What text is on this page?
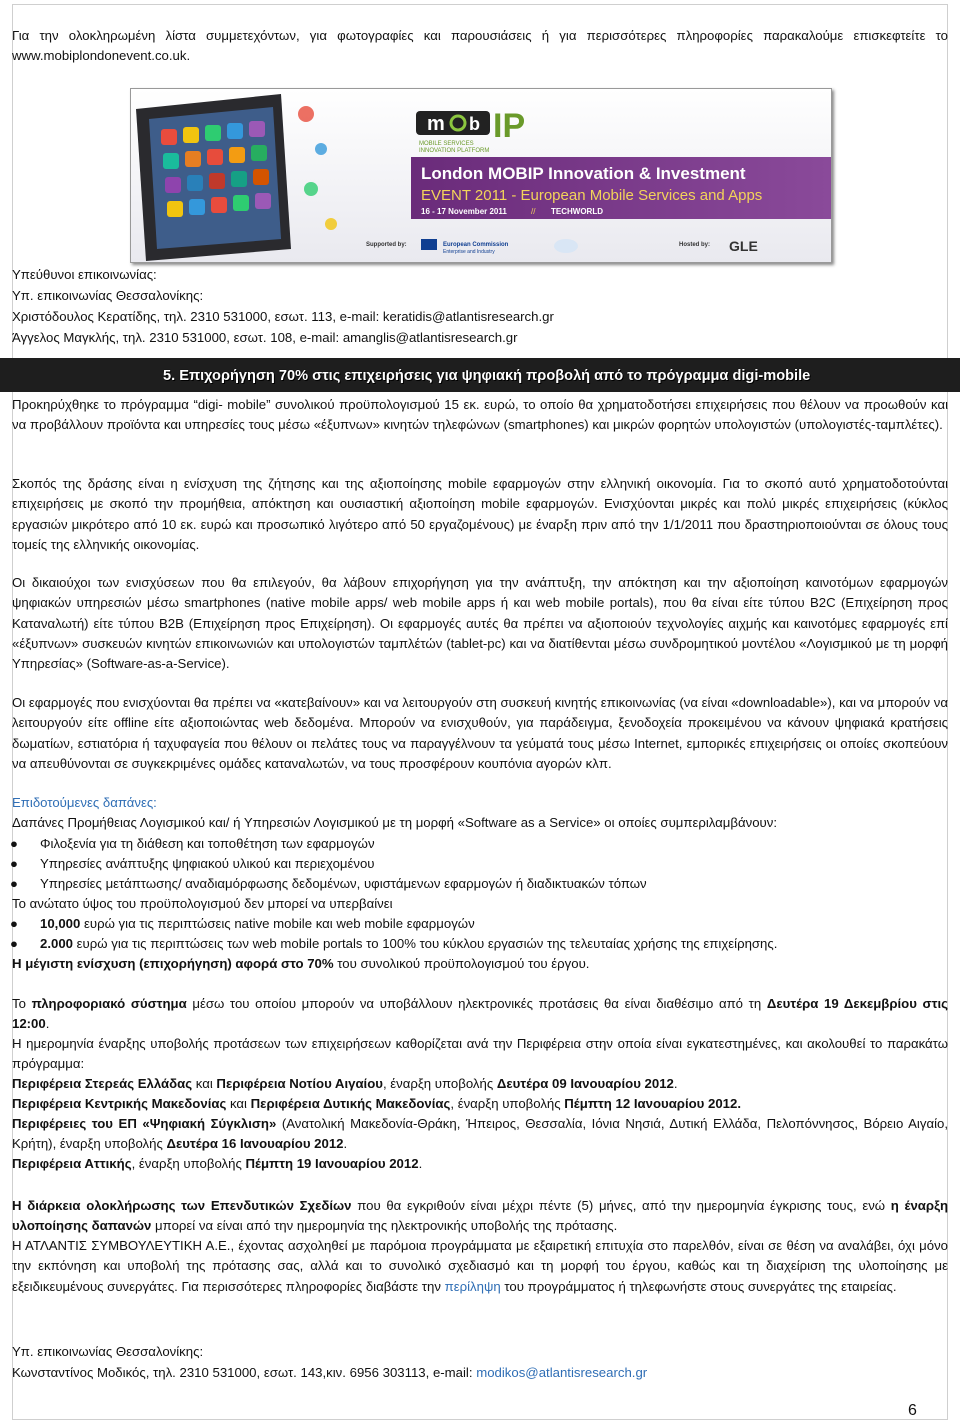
Για την ολοκληρωμένη λίστα συμμετεχόντων, για φωτογραφίες και παρουσιάσεις ή για περισσότερες πληροφορίες παρακαλούμε επισκεφτείτε το www.mobiplondonevent.co.uk.

m b IP
MOBILE SERVICES
INNOVATION PLATFORM
London MOBIP Innovation & Investment
EVENT 2011 - European Mobile Services and Apps
16 - 17 November 2011	// TECHWORLD
Supported by:	European Commission
Enterprise and Industry
Hosted by: GLE

Υπεύθυνοι επικοινωνίας:

Υπ. επικοινωνίας Θεσσαλονίκης:

Χριστόδουλος Κερατίδης, τηλ. 2310 531000, εσωτ. 113, e-mail: keratidis@atlantisresearch.gr

Άγγελος Μαγκλής, τηλ. 2310 531000, εσωτ. 108, e-mail: amanglis@atlantisresearch.gr

5. Επιχορήγηση 70% στις επιχειρήσεις για ψηφιακή προβολή από το πρόγραμμα digi-mobile

Προκηρύχθηκε το πρόγραμμα “digi- mobile” συνολικού προϋπολογισμού 15 εκ. ευρώ, το οποίο θα χρηματοδοτήσει επιχειρήσεις που θέλουν να προωθούν και να προβάλλουν προϊόντα και υπηρεσίες τους μέσω «έξυπνων» κινητών τηλεφώνων (smartphones) και μικρών φορητών υπολογιστών (υπολογιστές-ταμπλέτες).

Σκοπός της δράσης είναι η ενίσχυση της ζήτησης και της αξιοποίησης mobile εφαρμογών στην ελληνική οικονομία. Για το σκοπό αυτό χρηματοδοτούνται επιχειρήσεις με σκοπό την προμήθεια, απόκτηση και ουσιαστική αξιοποίηση mobile εφαρμογών. Ενισχύονται μικρές και πολύ μικρές επιχειρήσεις (κύκλος εργασιών μικρότερο από 10 εκ. ευρώ και προσωπικό λιγότερο από 50 εργαζομένους) με έναρξη πριν από την 1/1/2011 που δραστηριοποιούνται σε όλους τους τομείς της ελληνικής οικονομίας.

Οι δικαιούχοι των ενισχύσεων που θα επιλεγούν, θα λάβουν επιχορήγηση για την ανάπτυξη, την απόκτηση και την αξιοποίηση καινοτόμων εφαρμογών ψηφιακών υπηρεσιών μέσω smartphones (native mobile apps/ web mobile apps ή και web mobile portals), που θα είναι είτε τύπου B2C (Επιχείρηση προς Καταναλωτή) είτε τύπου B2B (Επιχείρηση προς Επιχείρηση). Οι εφαρμογές αυτές θα πρέπει να αξιοποιούν τεχνολογίες αιχμής και καινοτόμες εφαρμογές επί «έξυπνων» συσκευών κινητών επικοινωνιών και υπολογιστών ταμπλέτών (tablet-pc) και να διατίθενται μέσω συνδρομητικού μοντέλου «Λογισμικού με τη μορφή Υπηρεσίας» (Software-as-a-Service).

Οι εφαρμογές που ενισχύονται θα πρέπει να «κατεβαίνουν» και να λειτουργούν στη συσκευή κινητής επικοινωνίας (να είναι «downloadable»), και να μπορούν να λειτουργούν είτε offline είτε αξιοποιώντας web δεδομένα. Μπορούν να ενισχυθούν, για παράδειγμα, ξενοδοχεία προκειμένου να κάνουν ψηφιακά κρατήσεις δωματίων, εστιατόρια ή ταχυφαγεία που θέλουν οι πελάτες τους να παραγγέλνουν τα γεύματά τους μέσω Internet, εμπορικές επιχειρήσεις οι οποίες σκοπεύουν να απευθύνονται σε συγκεκριμένες ομάδες καταναλωτών, να τους προσφέρουν κουπόνια αγορών κλπ.

Επιδοτούμενες δαπάνες:

Δαπάνες Προμήθειας Λογισμικού και/ ή Υπηρεσιών Λογισμικού με τη μορφή «Software as a Service» οι οποίες συμπεριλαμβάνουν:

● Φιλοξενία για τη διάθεση και τοποθέτηση των εφαρμογών
● Υπηρεσίες ανάπτυξης ψηφιακού υλικού και περιεχομένου
● Υπηρεσίες μετάπτωσης/ αναδιαμόρφωσης δεδομένων, υφιστάμενων εφαρμογών ή διαδικτυακών τόπων

Το ανώτατο ύψος του προϋπολογισμού δεν μπορεί να υπερβαίνει

● 10,000 ευρώ για τις περιπτώσεις native mobile και web mobile εφαρμογών
● 2.000 ευρώ για τις περιπτώσεις των web mobile portals το 100% του κύκλου εργασιών της τελευταίας χρήσης της επιχείρησης.

Η μέγιστη ενίσχυση (επιχορήγηση) αφορά στο 70% του συνολικού προϋπολογισμού του έργου.

Το πληροφοριακό σύστημα μέσω του οποίου μπορούν να υποβάλλουν ηλεκτρονικές προτάσεις θα είναι διαθέσιμο από τη Δευτέρα 19 Δεκεμβρίου στις 12:00.

Η ημερομηνία έναρξης υποβολής προτάσεων των επιχειρήσεων καθορίζεται ανά την Περιφέρεια στην οποία είναι εγκατεστημένες, και ακολουθεί το παρακάτω πρόγραμμα:

Περιφέρεια Στερεάς Ελλάδας και Περιφέρεια Νοτίου Αιγαίου, έναρξη υποβολής Δευτέρα 09 Ιανουαρίου 2012.

Περιφέρεια Κεντρικής Μακεδονίας και Περιφέρεια Δυτικής Μακεδονίας, έναρξη υποβολής Πέμπτη 12 Ιανουαρίου 2012.

Περιφέρειες του ΕΠ «Ψηφιακή Σύγκλιση» (Ανατολική Μακεδονία-Θράκη, Ήπειρος, Θεσσαλία, Ιόνια Νησιά, Δυτική Ελλάδα, Πελοπόννησος, Βόρειο Αιγαίο, Κρήτη), έναρξη υποβολής Δευτέρα 16 Ιανουαρίου 2012.

Περιφέρεια Αττικής, έναρξη υποβολής Πέμπτη 19 Ιανουαρίου 2012.

Η διάρκεια ολοκλήρωσης των Επενδυτικών Σχεδίων που θα εγκριθούν είναι μέχρι πέντε (5) μήνες, από την ημερομηνία έγκρισης τους, ενώ η έναρξη υλοποίησης δαπανών μπορεί να είναι από την ημερομηνία της ηλεκτρονικής υποβολής της πρότασης.

Η ΑΤΛΑΝΤΙΣ ΣΥΜΒΟΥΛΕΥΤΙΚΗ Α.Ε., έχοντας ασχοληθεί με παρόμοια προγράμματα με εξαιρετική επιτυχία στο παρελθόν, είναι σε θέση να αναλάβει, όχι μόνο την εκπόνηση και υποβολή της πρότασης σας, αλλά και το συνολικό σχεδιασμό και τη μορφή του έργου, καθώς και τη διαχείριση της υλοποίησης με εξειδικευμένους συνεργάτες. Για περισσότερες πληροφορίες διαβάστε την περίληψη του προγράμματος ή τηλεφωνήστε στους συνεργάτες της εταιρείας.

Υπ. επικοινωνίας Θεσσαλονίκης:

Κωνσταντίνος Μοδικός, τηλ. 2310 531000, εσωτ. 143,κιν. 6956 303113, e-mail: modikos@atlantisresearch.gr

6
